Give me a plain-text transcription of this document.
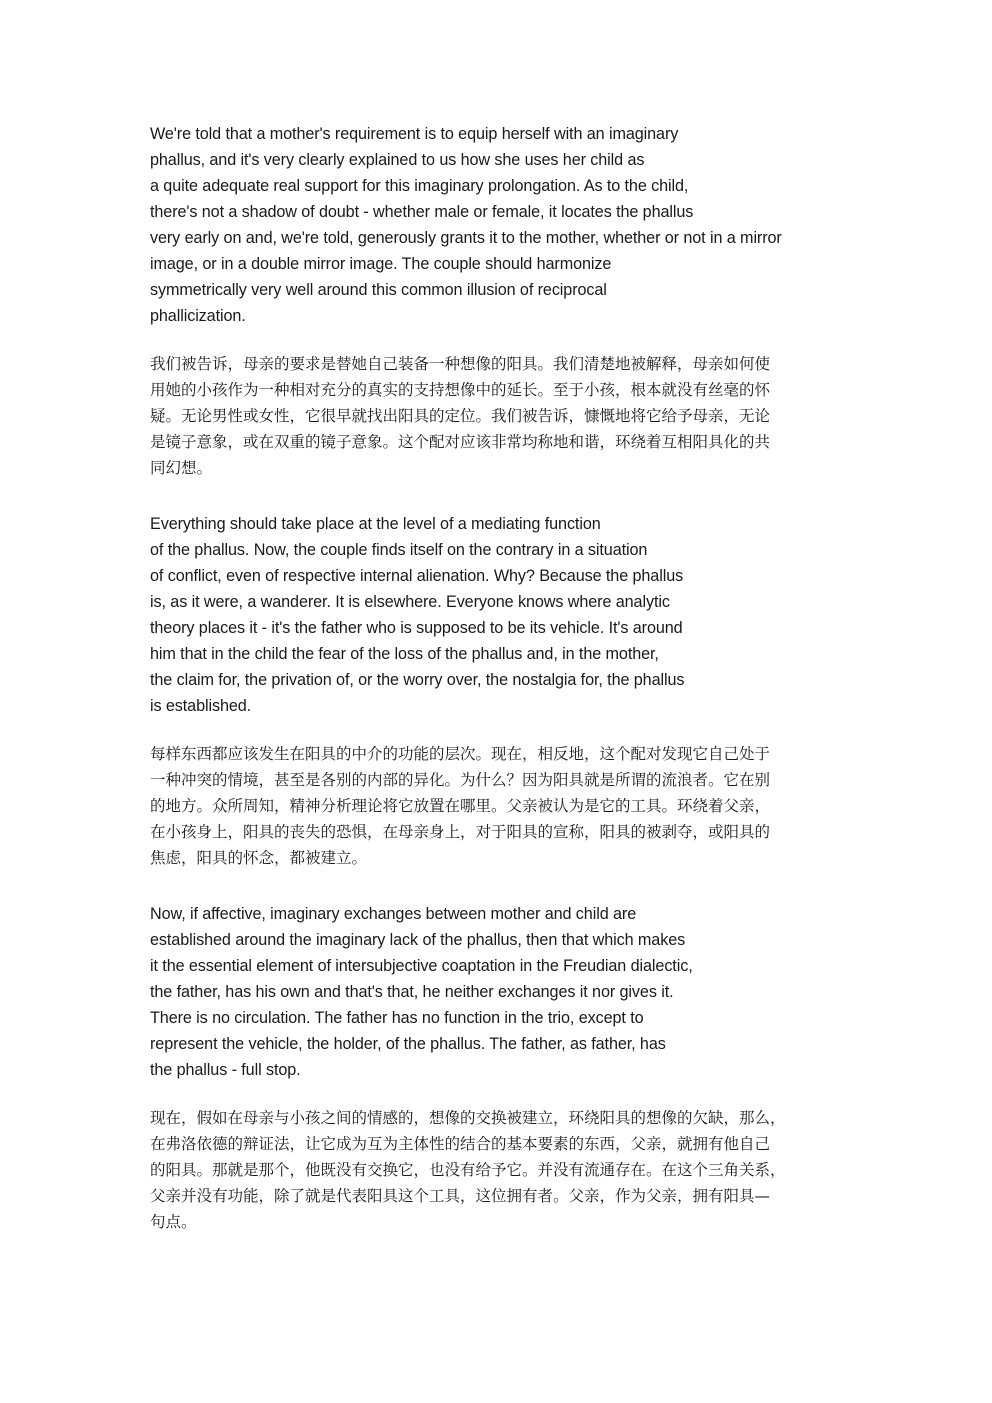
We're told that a mother's requirement is to equip herself with an imaginary
phallus, and it's very clearly explained to us how she uses her child as
a quite adequate real support for this imaginary prolongation. As to the child,
there's not a shadow of doubt - whether male or female, it locates the phallus
very early on and, we're told, generously grants it to the mother, whether or not in a mirror
image, or in a double mirror image. The couple should harmonize
symmetrically very well around this common illusion of reciprocal
phallicization.
我们被告诉，母亲的要求是替她自己装备一种想像的阳具。我们清楚地被解释，母亲如何使
用她的小孩作为一种相对充分的真实的支持想像中的延长。至于小孩，根本就没有丝毫的怀
疑。无论男性或女性，它很早就找出阳具的定位。我们被告诉，慷慨地将它给予母亲，无论
是镜子意象，或在双重的镜子意象。这个配对应该非常均称地和谐，环绕着互相阳具化的共
同幻想。
Everything should take place at the level of a mediating function
of the phallus. Now, the couple finds itself on the contrary in a situation
of conflict, even of respective internal alienation. Why? Because the phallus
is, as it were, a wanderer. It is elsewhere. Everyone knows where analytic
theory places it - it's the father who is supposed to be its vehicle. It's around
him that in the child the fear of the loss of the phallus and, in the mother,
the claim for, the privation of, or the worry over, the nostalgia for, the phallus
is established.
每样东西都应该发生在阳具的中介的功能的层次。现在，相反地，这个配对发现它自己处于
一种冲突的情境，甚至是各别的内部的异化。为什么？因为阳具就是所谓的流浪者。它在别
的地方。众所周知，精神分析理论将它放置在哪里。父亲被认为是它的工具。环绕着父亲，
在小孩身上，阳具的丧失的恐惧，在母亲身上，对于阳具的宣称，阳具的被剥夺，或阳具的
焦虑，阳具的怀念，都被建立。
Now, if affective, imaginary exchanges between mother and child are
established around the imaginary lack of the phallus, then that which makes
it the essential element of intersubjective coaptation in the Freudian dialectic,
the father, has his own and that's that, he neither exchanges it nor gives it.
There is no circulation. The father has no function in the trio, except to
represent the vehicle, the holder, of the phallus. The father, as father, has
the phallus - full stop.
现在，假如在母亲与小孩之间的情感的，想像的交换被建立，环绕阳具的想像的欠缺，那么，
在弗洛依德的辩证法，让它成为互为主体性的结合的基本要素的东西，父亲，就拥有他自己
的阳具。那就是那个，他既没有交换它，也没有给予它。并没有流通存在。在这个三角关系，
父亲并没有功能，除了就是代表阳具这个工具，这位拥有者。父亲，作为父亲，拥有阳具—
句点。
